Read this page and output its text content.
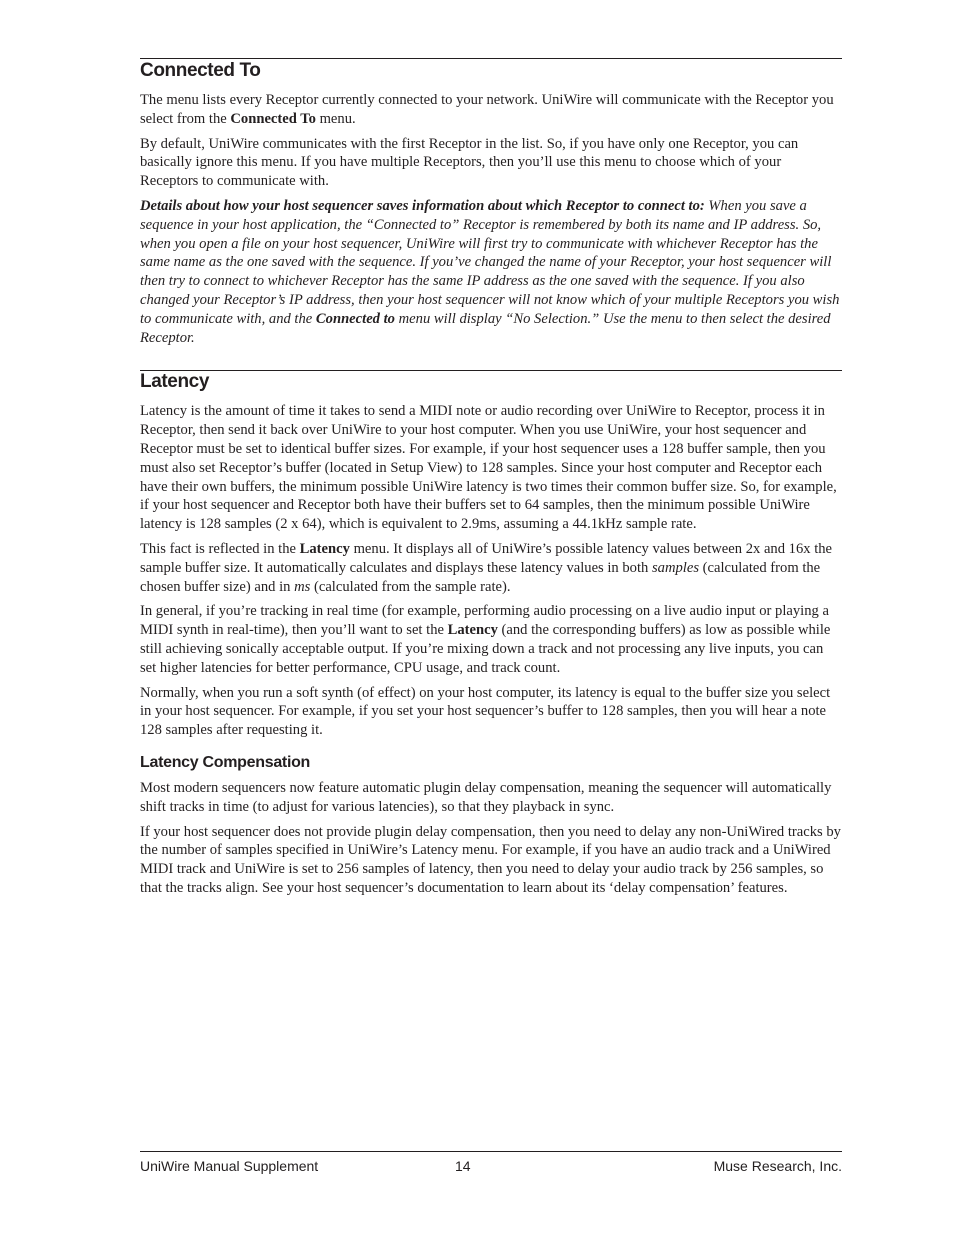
Connected To

The menu lists every Receptor currently connected to your network. UniWire will communicate with the Receptor you select from the Connected To menu.

By default, UniWire communicates with the first Receptor in the list. So, if you have only one Receptor, you can basically ignore this menu. If you have multiple Receptors, then you’ll use this menu to choose which of your Receptors to communicate with.

Details about how your host sequencer saves information about which Receptor to connect to: When you save a sequence in your host application, the “Connected to” Receptor is remembered by both its name and IP address. So, when you open a file on your host sequencer, UniWire will first try to communicate with whichever Receptor has the same name as the one saved with the sequence. If you’ve changed the name of your Receptor, your host sequencer will then try to connect to whichever Receptor has the same IP address as the one saved with the sequence. If you also changed your Receptor’s IP address, then your host sequencer will not know which of your multiple Receptors you wish to communicate with, and the Connected to menu will display “No Selection.” Use the menu to then select the desired Receptor.

Latency

Latency is the amount of time it takes to send a MIDI note or audio recording over UniWire to Receptor, process it in Receptor, then send it back over UniWire to your host computer. When you use UniWire, your host sequencer and Receptor must be set to identical buffer sizes. For example, if your host sequencer uses a 128 buffer sample, then you must also set Receptor’s buffer (located in Setup View) to 128 samples. Since your host computer and Receptor each have their own buffers, the minimum possible UniWire latency is two times their common buffer size. So, for example, if your host sequencer and Receptor both have their buffers set to 64 samples, then the minimum possible UniWire latency is 128 samples (2 x 64), which is equivalent to 2.9ms, assuming a 44.1kHz sample rate.

This fact is reflected in the Latency menu. It displays all of UniWire’s possible latency values between 2x and 16x the sample buffer size. It automatically calculates and displays these latency values in both samples (calculated from the chosen buffer size) and in ms (calculated from the sample rate).

In general, if you’re tracking in real time (for example, performing audio processing on a live audio input or playing a MIDI synth in real-time), then you’ll want to set the Latency (and the corresponding buffers) as low as possible while still achieving sonically acceptable output. If you’re mixing down a track and not processing any live inputs, you can set higher latencies for better performance, CPU usage, and track count.

Normally, when you run a soft synth (of effect) on your host computer, its latency is equal to the buffer size you select in your host sequencer. For example, if you set your host sequencer’s buffer to 128 samples, then you will hear a note 128 samples after requesting it.

Latency Compensation

Most modern sequencers now feature automatic plugin delay compensation, meaning the sequencer will automatically shift tracks in time (to adjust for various latencies), so that they playback in sync.

If your host sequencer does not provide plugin delay compensation, then you need to delay any non-UniWired tracks by the number of samples specified in UniWire’s Latency menu. For example, if you have an audio track and a UniWired MIDI track and UniWire is set to 256 samples of latency, then you need to delay your audio track by 256 samples, so that the tracks align. See your host sequencer’s documentation to learn about its ‘delay compensation’ features.

UniWire Manual Supplement	14	Muse Research, Inc.
